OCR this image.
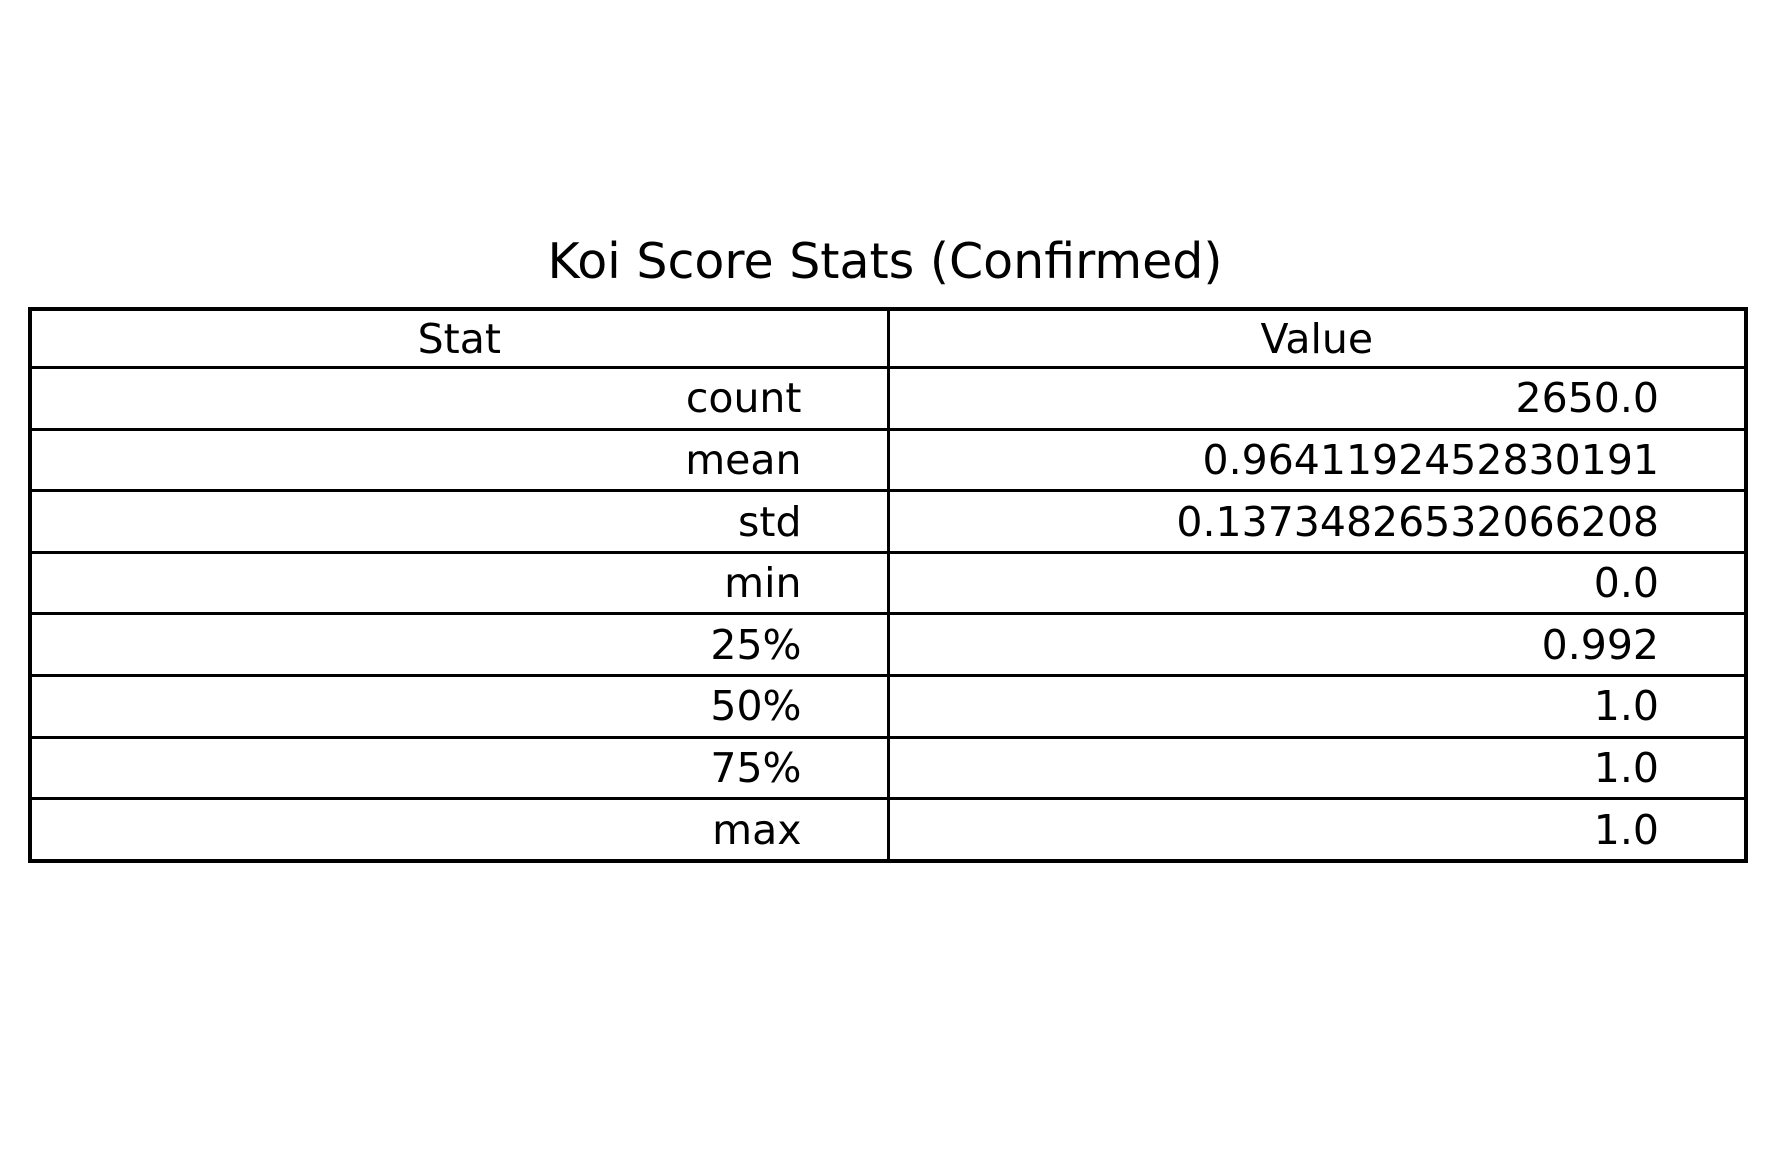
Koi Score Stats (Confirmed)
Stat	Value
count	2650.0
mean	0.9641192452830191
std	0.13734826532066208
min	0.0
25%	0.992
50%	1.0
75%	1.0
max	1.0
